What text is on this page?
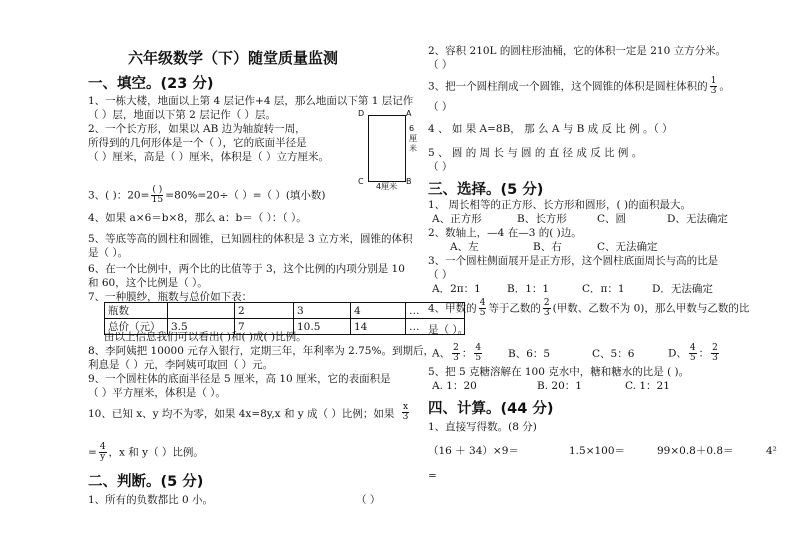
六年级数学（下）随堂质量监测
一、填空。(23 分)
1、一栋大楼，地面以上第 4 层记作+4 层，那么地面以下第 1 层记作
（ ）层，地面以下第 2 层记作（ ）层。
2、一个长方形，如果以 AB 边为轴旋转一周，
所得到的几何形体是一个（ ），它的底面半径是
（ ）厘米，高是（ ）厘米，体积是（ ）立方厘米。
D	A
C	B
6厘米
4厘米
3、( )：$20= \frac{( )}{15} =80\%=20\div$（ ）=（ ）(填小数)
4、如果 a×6＝b×8，那么 a：b＝（ ）：（ ）。
5、等底等高的圆柱和圆锥，已知圆柱的体积是 3 立方米，圆锥的体积
是（ ）。
6、在一个比例中，两个比的比值等于 3，这个比例的内项分别是 10
和 60，这个比例是（ ）。
7、一种膜纱，瓶数与总价如下表：
瓶数		2	3	4	…
总价（元）	3.5	7	10.5	14	…
由以上信息我们可以看出( )和( )成( )比例。
8、李阿姨把 10000 元存入银行，定期三年，年利率为 2.75%。到期后，
利息是（ ）元，李阿姨可取回（ ）元。
9、一个圆柱体的底面半径是 5 厘米，高 10 厘米，它的表面积是
（ ）平方厘米，体积是（ ）。
10、已知 x、y 均不为零，如果 4x=8y,x 和 y 成（ ）比例；如果 $\frac{x}{3}$
= $\frac{4}{y}$ ，x 和 y（ ）比例。
二、判断。(5 分)
1、所有的负数都比 0 小。	（ ）
2、容积 210L 的圆柱形油桶，它的体积一定是 210 立方分米。
（ ）
3、把一个圆柱削成一个圆锥，这个圆锥的体积是圆柱体积的 $\frac{1}{3}$ 。
（ ）
4 、 如 果 A=8B， 那 么 A 与 B 成 反 比 例 。（ ）
5 、 圆 的 周 长 与 圆 的 直 径 成 反 比 例 。
（ ）
三、选择。(5 分)
1、 周长相等的正方形、长方形和圆形，( )的面积最大。
A、正方形	B、长方形	C、圆	D、无法确定
2、数轴上，—4 在—3 的( )边。
A、左	B、右	C、无法确定
3、一个圆柱侧面展开是正方形，这个圆柱底面周长与高的比是
（ ）
A．2π：1 B．1：1	C．π：1	D．无法确定
4、甲数的 $\frac{4}{5}$ 等于乙数的 $\frac{2}{3}$ (甲数、乙数不为 0)，那么甲数与乙数的比
是（ ）。
A、 $\frac{2}{3}$ ： $\frac{4}{5}$ B、6：5	C、5：6	D、 $\frac{4}{5}$ ： $\frac{2}{3}$
5、把 5 克糖溶解在 100 克水中，糖和糖水的比是 ( )。
A. 1：20	B. 20：1	C. 1：21
四、计算。(44 分)
1、直接写得数。(8 分)
（16 ＋ 34）×9＝	1.5×100＝	99×0.8＋0.8＝	4²
=
